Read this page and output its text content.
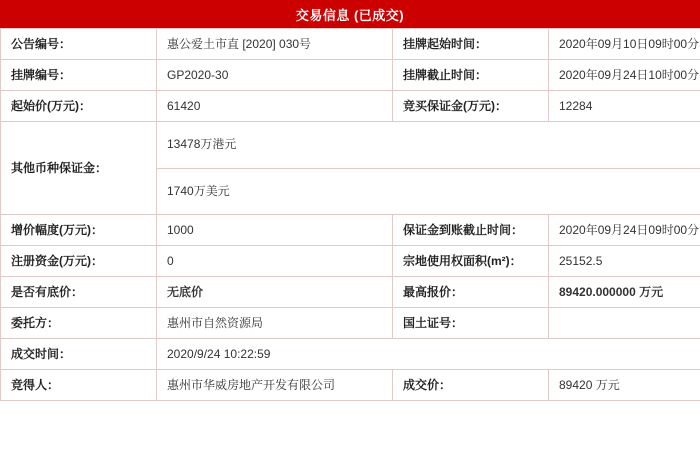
交易信息 (已成交)
公告编号：	惠公爱土市直 [2020] 030号	挂牌起始时间：	2020年09月10日09时00分
挂牌编号：	GP2020-30	挂牌截止时间：	2020年09月24日10时00分
起始价(万元)：	61420	竞买保证金(万元)：	12284
其他币种保证金：	13478万港元
1740万美元		

增价幅度(万元)：	1000	保证金到账截止时间：	2020年09月24日09时00分
注册资金(万元)：	0	宗地使用权面积(m²)：	25152.5
是否有底价：	无底价	最高报价：	89420.000000 万元
委托方：	惠州市自然资源局	国土证号：	
成交时间：	2020/9/24 10:22:59		
竞得人：	惠州市华威房地产开发有限公司	成交价：	89420 万元
